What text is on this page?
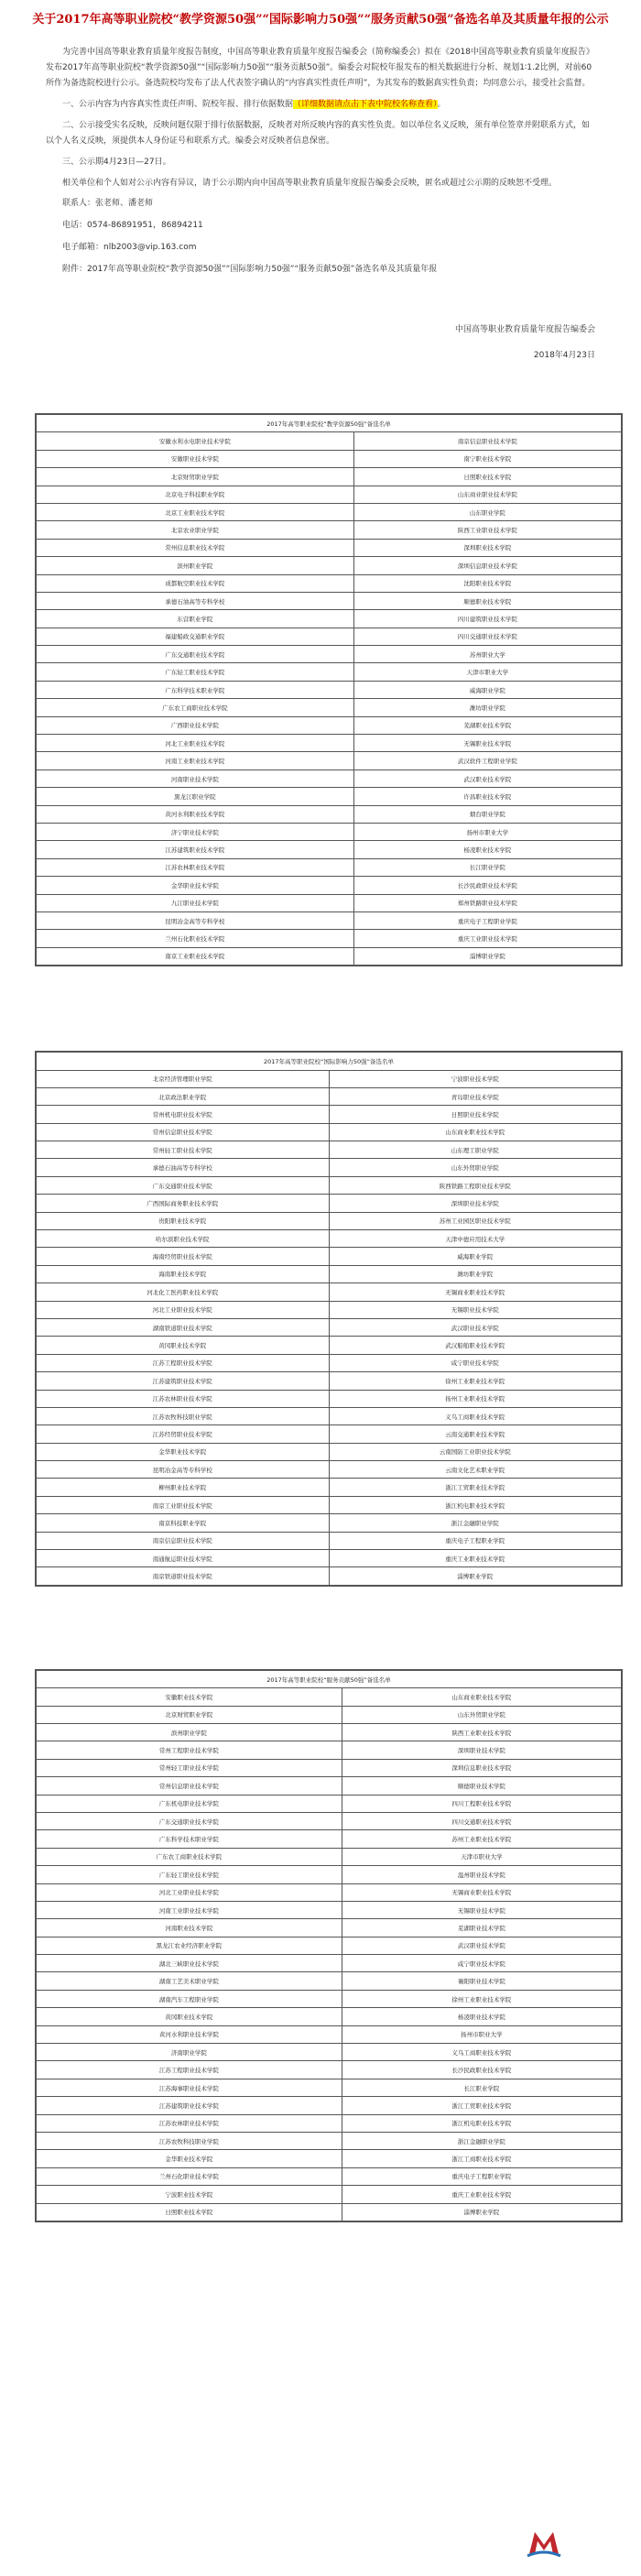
关于2017年高等职业院校“教学资源50强”“国际影响力50强”“服务贡献50强”备选名单及其质量年报的公示

为完善中国高等职业教育质量年度报告制度，中国高等职业教育质量年度报告编委会（简称编委会）拟在《2018中国高等职业教育质量年度报告》发布2017年高等职业院校“教学资源50强”“国际影响力50强”“服务贡献50强”。编委会对院校年报发布的相关数据进行分析、规划1∶1.2比例，对前60所作为备选院校进行公示。备选院校均发布了法人代表签字确认的“内容真实性责任声明”，为其发布的数据真实性负责；均同意公示，接受社会监督。

一、公示内容为内容真实性责任声明、院校年报、排行依据数据（详细数据请点击下表中院校名称查看）。

二、公示接受实名反映，反映问题仅限于排行依据数据，反映者对所反映内容的真实性负责。如以单位名义反映，须有单位签章并附联系方式，如以个人名义反映，须提供本人身份证号和联系方式。编委会对反映者信息保密。

三、公示期4月23日—27日。

相关单位和个人如对公示内容有异议，请于公示期内向中国高等职业教育质量年度报告编委会反映，匿名或超过公示期的反映恕不受理。

联系人：张老师、潘老师
电话：0574-86891951，86894211
电子邮箱：nlb2003@vip.163.com
附件：2017年高等职业院校“教学资源50强”“国际影响力50强”“服务贡献50强”备选名单及其质量年报
中国高等职业教育质量年度报告编委会
2018年4月23日
2017年高等职业院校“教学资源50强”备选名单	
安徽水利水电职业技术学院	南京信息职业技术学院
安徽职业技术学院	南宁职业技术学院
北京财贸职业学院	日照职业技术学院
北京电子科技职业学院	山东商业职业技术学院
北京工业职业技术学院	山东职业学院
北京农业职业学院	陕西工业职业技术学院
常州信息职业技术学院	深圳职业技术学院
滨州职业学院	深圳信息职业技术学院
成都航空职业技术学院	沈阳职业技术学院
承德石油高等专科学校	顺德职业技术学院
东营职业学院	四川建筑职业技术学院
福建船政交通职业学院	四川交通职业技术学院
广东交通职业技术学院	苏州职业大学
广东轻工职业技术学院	天津市职业大学
广东科学技术职业学院	威海职业学院
广东农工商职业技术学院	潍坊职业学院
广西职业技术学院	芜湖职业技术学院
河北工业职业技术学院	无锡职业技术学院
河南工业职业技术学院	武汉软件工程职业学院
河南职业技术学院	武汉职业技术学院
黑龙江职业学院	许昌职业技术学院
黄河水利职业技术学院	烟台职业学院
济宁职业技术学院	扬州市职业大学
江苏建筑职业技术学院	杨凌职业技术学院
江苏农林职业技术学院	长江职业学院
金华职业技术学院	长沙民政职业技术学院
九江职业技术学院	郑州铁路职业技术学院
昆明冶金高等专科学校	重庆电子工程职业学院
兰州石化职业技术学院	重庆工业职业技术学院
南京工业职业技术学院	淄博职业学院
2017年高等职业院校“国际影响力50强”备选名单	
北京经济管理职业学院	宁波职业技术学院
北京政法职业学院	青岛职业技术学院
常州机电职业技术学院	日照职业技术学院
常州信息职业技术学院	山东商业职业技术学院
常州轻工职业技术学院	山东理工职业学院
承德石油高等专科学校	山东外贸职业学院
广东交通职业技术学院	陕西铁路工程职业技术学院
广西国际商务职业技术学院	深圳职业技术学院
贵阳职业技术学院	苏州工业园区职业技术学院
哈尔滨职业技术学院	天津中德应用技术大学
海南经贸职业技术学院	威海职业学院
海南职业技术学院	潍坊职业学院
河北化工医药职业技术学院	无锡商业职业技术学院
河北工业职业技术学院	无锡职业技术学院
湖南铁道职业技术学院	武汉职业技术学院
黄冈职业技术学院	武汉船舶职业技术学院
江苏工程职业技术学院	咸宁职业技术学院
江苏建筑职业技术学院	徐州工业职业技术学院
江苏农林职业技术学院	扬州工业职业技术学院
江苏农牧科技职业学院	义乌工商职业技术学院
江苏经贸职业技术学院	云南交通职业技术学院
金华职业技术学院	云南国防工业职业技术学院
昆明冶金高等专科学校	云南文化艺术职业学院
柳州职业技术学院	浙江工贸职业技术学院
南京工业职业技术学院	浙江机电职业技术学院
南京科技职业学院	浙江金融职业学院
南京信息职业技术学院	重庆电子工程职业学院
南通航运职业技术学院	重庆工业职业技术学院
南京铁道职业技术学院	淄博职业学院
2017年高等职业院校“服务贡献50强”备选名单	
安徽职业技术学院	山东商业职业技术学院
北京财贸职业学院	山东外贸职业学院
滨州职业学院	陕西工业职业技术学院
常州工程职业技术学院	深圳职业技术学院
常州轻工职业技术学院	深圳信息职业技术学院
常州信息职业技术学院	顺德职业技术学院
广东机电职业技术学院	四川工程职业技术学院
广东交通职业技术学院	四川交通职业技术学院
广东科学技术职业学院	苏州工业职业技术学院
广东农工商职业技术学院	天津市职业大学
广东轻工职业技术学院	温州职业技术学院
河北工业职业技术学院	无锡商业职业技术学院
河南工业职业技术学院	无锡职业技术学院
河南职业技术学院	芜湖职业技术学院
黑龙江农业经济职业学院	武汉职业技术学院
湖北三峡职业技术学院	咸宁职业技术学院
湖南工艺美术职业学院	襄阳职业技术学院
湖南汽车工程职业学院	徐州工业职业技术学院
黄冈职业技术学院	杨凌职业技术学院
黄河水利职业技术学院	扬州市职业大学
济南职业学院	义乌工商职业技术学院
江苏工程职业技术学院	长沙民政职业技术学院
江苏海事职业技术学院	长江职业学院
江苏建筑职业技术学院	浙江工贸职业技术学院
江苏农林职业技术学院	浙江机电职业技术学院
江苏农牧科技职业学院	浙江金融职业学院
金华职业技术学院	浙江工商职业技术学院
兰州石化职业技术学院	重庆电子工程职业学院
宁波职业技术学院	重庆工业职业技术学院
日照职业技术学院	淄博职业学院
